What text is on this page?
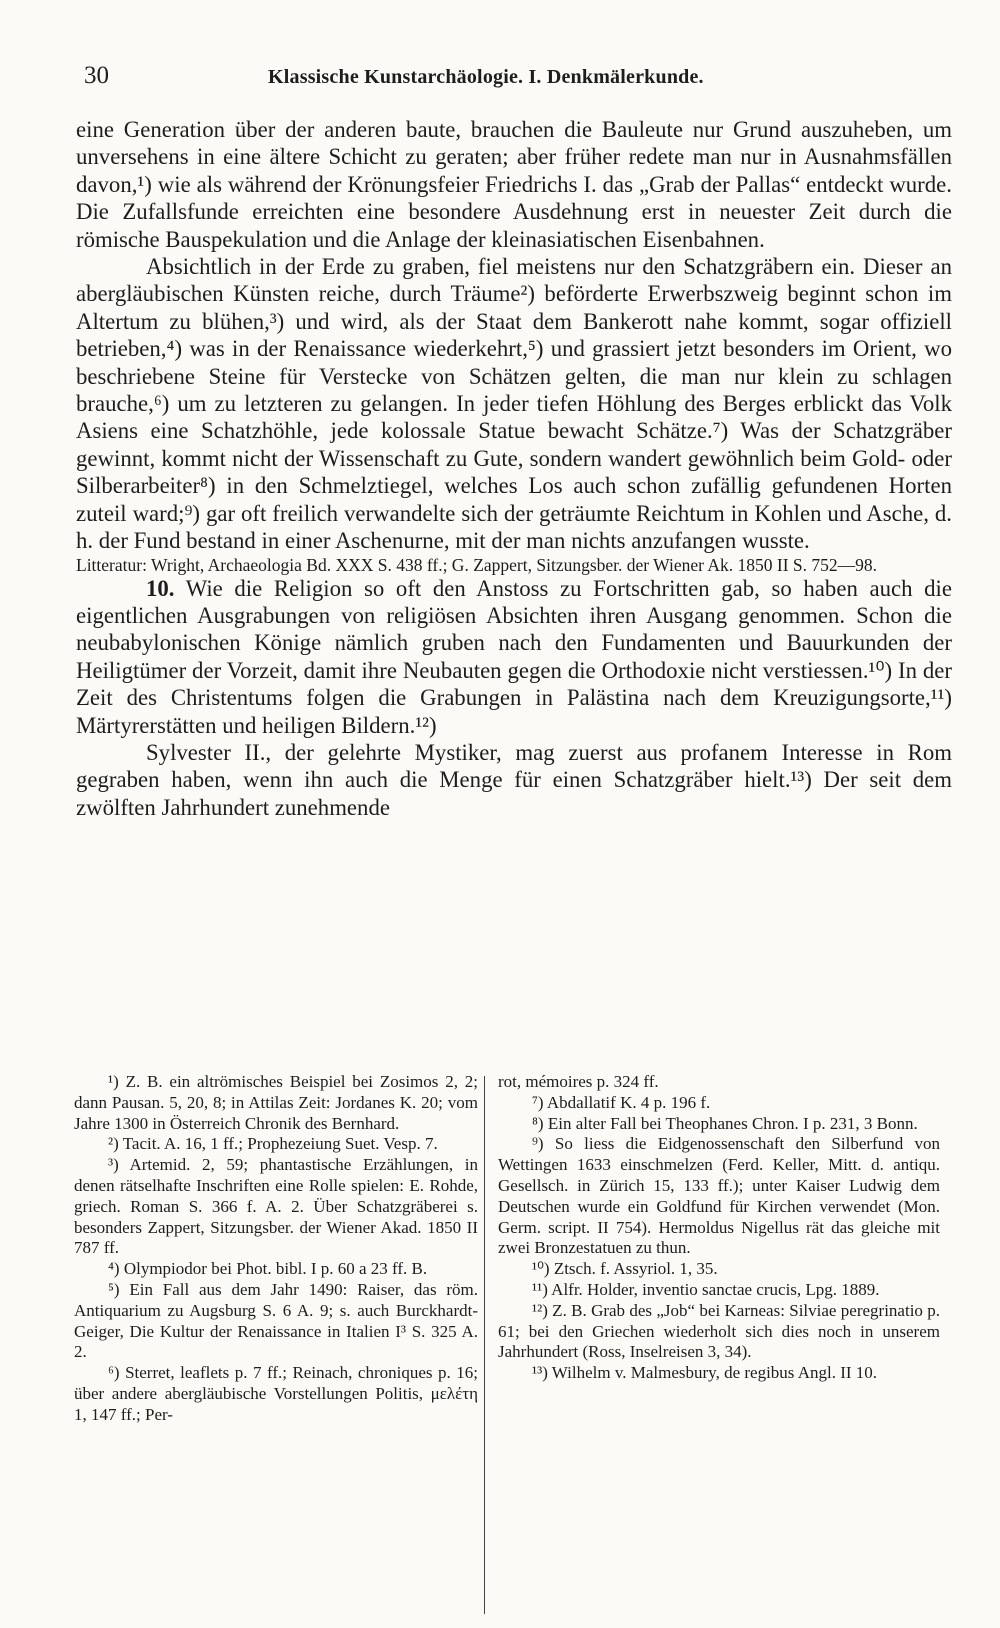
30	Klassische Kunstarchäologie. I. Denkmälerkunde.

eine Generation über der anderen baute, brauchen die Bauleute nur Grund auszuheben, um unversehens in eine ältere Schicht zu geraten; aber früher redete man nur in Ausnahmsfällen davon,¹) wie als während der Krönungsfeier Friedrichs I. das „Grab der Pallas“ entdeckt wurde. Die Zufallsfunde erreichten eine besondere Ausdehnung erst in neuester Zeit durch die römische Bauspekulation und die Anlage der kleinasiatischen Eisenbahnen.

Absichtlich in der Erde zu graben, fiel meistens nur den Schatzgräbern ein. Dieser an abergläubischen Künsten reiche, durch Träume²) beförderte Erwerbszweig beginnt schon im Altertum zu blühen,³) und wird, als der Staat dem Bankerott nahe kommt, sogar offiziell betrieben,⁴) was in der Renaissance wiederkehrt,⁵) und grassiert jetzt besonders im Orient, wo beschriebene Steine für Verstecke von Schätzen gelten, die man nur klein zu schlagen brauche,⁶) um zu letzteren zu gelangen. In jeder tiefen Höhlung des Berges erblickt das Volk Asiens eine Schatzhöhle, jede kolossale Statue bewacht Schätze.⁷) Was der Schatzgräber gewinnt, kommt nicht der Wissenschaft zu Gute, sondern wandert gewöhnlich beim Gold- oder Silberarbeiter⁸) in den Schmelztiegel, welches Los auch schon zufällig gefundenen Horten zuteil ward;⁹) gar oft freilich verwandelte sich der geträumte Reichtum in Kohlen und Asche, d. h. der Fund bestand in einer Aschenurne, mit der man nichts anzufangen wusste.

Litteratur: Wright, Archaeologia Bd. XXX S. 438 ff.; G. Zappert, Sitzungsber. der Wiener Ak. 1850 II S. 752—98.

10. Wie die Religion so oft den Anstoss zu Fortschritten gab, so haben auch die eigentlichen Ausgrabungen von religiösen Absichten ihren Ausgang genommen. Schon die neubabylonischen Könige nämlich gruben nach den Fundamenten und Bauurkunden der Heiligtümer der Vorzeit, damit ihre Neubauten gegen die Orthodoxie nicht verstiessen.¹⁰) In der Zeit des Christentums folgen die Grabungen in Palästina nach dem Kreuzigungsorte,¹¹) Märtyrerstätten und heiligen Bildern.¹²)

Sylvester II., der gelehrte Mystiker, mag zuerst aus profanem Interesse in Rom gegraben haben, wenn ihn auch die Menge für einen Schatzgräber hielt.¹³) Der seit dem zwölften Jahrhundert zunehmende

¹) Z. B. ein altrömisches Beispiel bei Zosimos 2, 2; dann Pausan. 5, 20, 8; in Attilas Zeit: Jordanes K. 20; vom Jahre 1300 in Österreich Chronik des Bernhard.

²) Tacit. A. 16, 1 ff.; Prophezeiung Suet. Vesp. 7.

³) Artemid. 2, 59; phantastische Erzählungen, in denen rätselhafte Inschriften eine Rolle spielen: E. Rohde, griech. Roman S. 366 f. A. 2. Über Schatzgräberei s. besonders Zappert, Sitzungsber. der Wiener Akad. 1850 II 787 ff.

⁴) Olympiodor bei Phot. bibl. I p. 60 a 23 ff. B.

⁵) Ein Fall aus dem Jahr 1490: Raiser, das röm. Antiquarium zu Augsburg S. 6 A. 9; s. auch Burckhardt-Geiger, Die Kultur der Renaissance in Italien I³ S. 325 A. 2.

⁶) Sterret, leaflets p. 7 ff.; Reinach, chroniques p. 16; über andere abergläubische Vorstellungen Politis, μελέτη 1, 147 ff.; Per-

rot, mémoires p. 324 ff.

⁷) Abdallatif K. 4 p. 196 f.

⁸) Ein alter Fall bei Theophanes Chron. I p. 231, 3 Bonn.

⁹) So liess die Eidgenossenschaft den Silberfund von Wettingen 1633 einschmelzen (Ferd. Keller, Mitt. d. antiqu. Gesellsch. in Zürich 15, 133 ff.); unter Kaiser Ludwig dem Deutschen wurde ein Goldfund für Kirchen verwendet (Mon. Germ. script. II 754). Hermoldus Nigellus rät das gleiche mit zwei Bronzestatuen zu thun.

¹⁰) Ztsch. f. Assyriol. 1, 35.

¹¹) Alfr. Holder, inventio sanctae crucis, Lpg. 1889.

¹²) Z. B. Grab des „Job“ bei Karneas: Silviae peregrinatio p. 61; bei den Griechen wiederholt sich dies noch in unserem Jahrhundert (Ross, Inselreisen 3, 34).

¹³) Wilhelm v. Malmesbury, de regibus Angl. II 10.
